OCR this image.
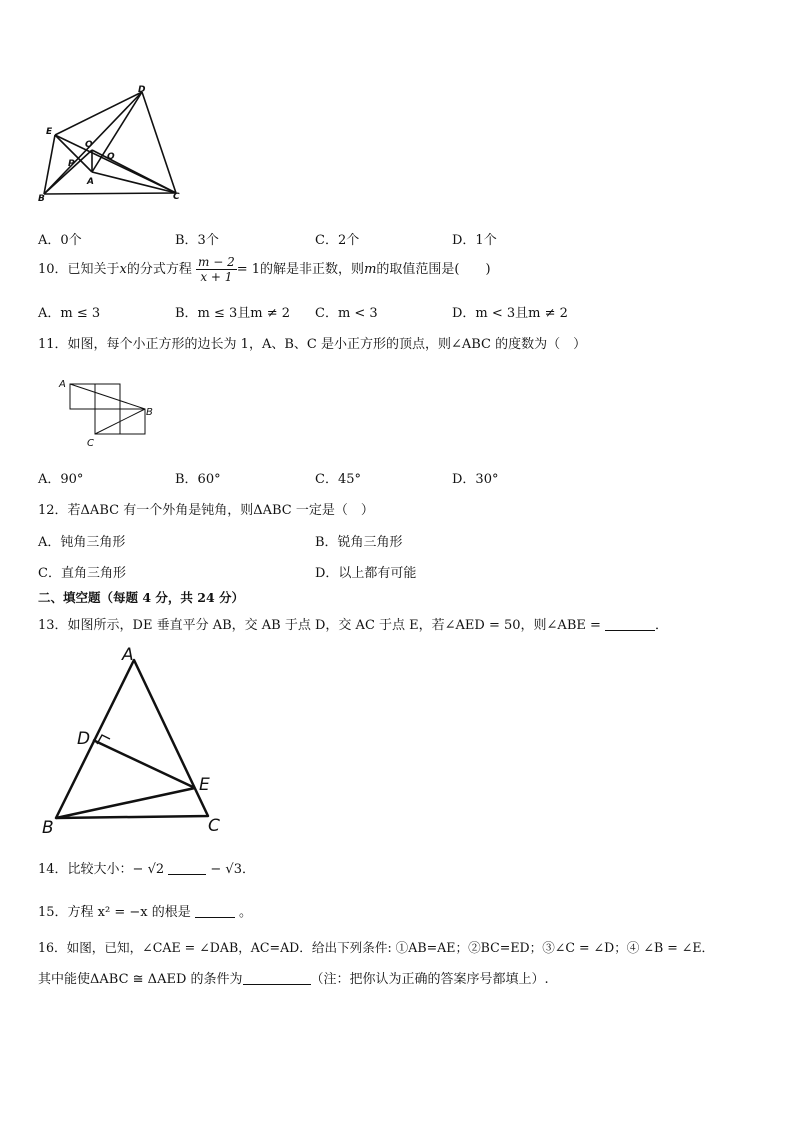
D
E
O
Q
P
A
B	C
A．0个	B．3个	C．2个	D．1个
10．已知关于x的分式方程 $\frac{m - 2}{x + 1} = 1$的解是非正数，则m的取值范围是(　　)
A．m ≤ 3	B．m ≤ 3且m ≠ 2 C．m < 3	D．m < 3且m ≠ 2
11．如图，每个小正方形的边长为 1，A、B、C 是小正方形的顶点，则∠ABC 的度数为（　）
A
B
C
A．90°	B．60°	C．45°	D．30°
12．若ΔABC 有一个外角是钝角，则ΔABC 一定是（　）
A．钝角三角形	B．锐角三角形
C．直角三角形	D．以上都有可能
二、填空题（每题 4 分，共 24 分）
13．如图所示，DE 垂直平分 AB，交 AB 于点 D，交 AC 于点 E，若∠AED = 50，则∠ABE =	．
A
D
E
B	C
14．比较大小：− √2	− √3．
15．方程 x² = −x 的根是	。
16．如图，已知，∠CAE = ∠DAB，AC=AD．给出下列条件: ①AB=AE；②BC=ED；③∠C = ∠D；④ ∠B = ∠E．
其中能使ΔABC ≅ ΔAED 的条件为	（注：把你认为正确的答案序号都填上）.
